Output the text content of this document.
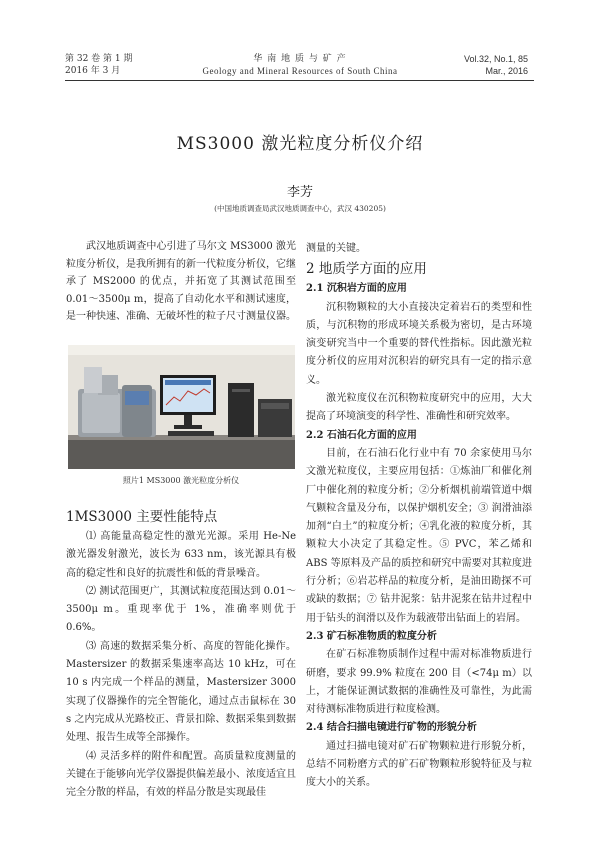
第 32 卷 第 1 期
2016 年 3 月
华 南 地 质 与 矿 产
Geology and Mineral Resources of South China
Vol.32, No.1, 85
Mar., 2016
MS3000 激光粒度分析仪介绍
李芳
(中国地质调查局武汉地质调查中心，武汉 430205)

武汉地质调查中心引进了马尔文 MS3000 激光粒度分析仪，是我所拥有的新一代粒度分析仪，它继承了 MS2000 的优点，并拓宽了其测试范围至 0.01～3500μ m，提高了自动化水平和测试速度，是一种快速、准确、无破坏性的粒子尺寸测量仪器。

照片1 MS3000 激光粒度分析仪
1MS3000 主要性能特点

⑴ 高能量高稳定性的激光光源。采用 He-Ne 激光器发射激光，波长为 633 nm，该光源具有极高的稳定性和良好的抗震性和低的背景噪音。

⑵ 测试范围更广，其测试粒度范围达到 0.01～3500μ m。重现率优于 1%，准确率则优于 0.6%。

⑶ 高速的数据采集分析、高度的智能化操作。Mastersizer 的数据采集速率高达 10 kHz，可在 10 s 内完成一个样品的测量，Mastersizer 3000 实现了仪器操作的完全智能化，通过点击鼠标在 30 s 之内完成从光路校正、背景扣除、数据采集到数据处理、报告生成等全部操作。

⑷ 灵活多样的附件和配置。高质量粒度测量的关键在于能够向光学仪器提供偏差最小、浓度适宜且完全分散的样品，有效的样品分散是实现最佳

测量的关键。

2 地质学方面的应用
2.1 沉积岩方面的应用

沉积物颗粒的大小直接决定着岩石的类型和性质，与沉积物的形成环境关系极为密切，是古环境演变研究当中一个重要的替代性指标。因此激光粒度分析仪的应用对沉积岩的研究具有一定的指示意义。

激光粒度仪在沉积物粒度研究中的应用，大大提高了环境演变的科学性、准确性和研究效率。

2.2 石油石化方面的应用

目前，在石油石化行业中有 70 余家使用马尔文激光粒度仪，主要应用包括：①炼油厂和催化剂厂中催化剂的粒度分析；②分析烟机前端管道中烟气颗粒含量及分布，以保护烟机安全；③ 润滑油添加剂“白土”的粒度分析；④乳化液的粒度分析，其颗粒大小决定了其稳定性。⑤ PVC，苯乙烯和 ABS 等原料及产品的质控和研究中需要对其粒度进行分析；⑥岩芯样品的粒度分析，是油田勘探不可或缺的数据；⑦ 钻井泥浆：钻井泥浆在钻井过程中用于钻头的润滑以及作为载液带出钻面上的岩屑。

2.3 矿石标准物质的粒度分析

在矿石标准物质制作过程中需对标准物质进行研磨，要求 99.9% 粒度在 200 目（<74μ m）以上，才能保证测试数据的准确性及可靠性，为此需对待测标准物质进行粒度检测。

2.4 结合扫描电镜进行矿物的形貌分析

通过扫描电镜对矿石矿物颗粒进行形貌分析，总结不同粉磨方式的矿石矿物颗粒形貌特征及与粒度大小的关系。
